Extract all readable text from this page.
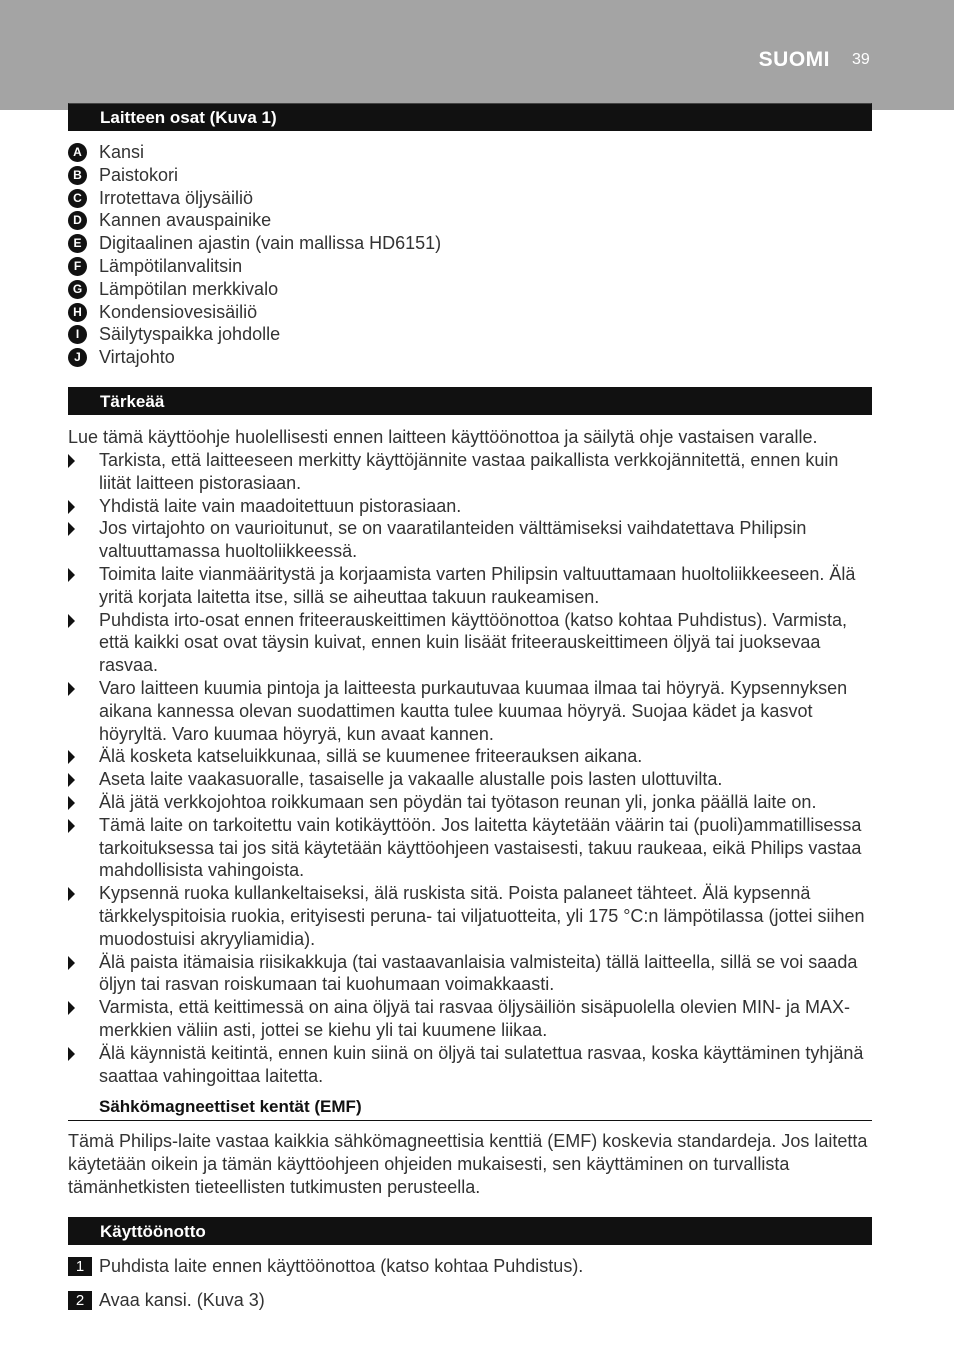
SUOMI 39
Laitteen osat (Kuva 1)
A Kansi
B Paistokori
C Irrotettava öljysäiliö
D Kannen avauspainike
E Digitaalinen ajastin (vain mallissa HD6151)
F Lämpötilanvalitsin
G Lämpötilan merkkivalo
H Kondensiovesisäiliö
I	Säilytyspaikka johdolle
J	Virtajohto
Tärkeää

Lue tämä käyttöohje huolellisesti ennen laitteen käyttöönottoa ja säilytä ohje vastaisen varalle.

Tarkista, että laitteeseen merkitty käyttöjännite vastaa paikallista verkkojännitettä, ennen kuin liität laitteen pistorasiaan.
Yhdistä laite vain maadoitettuun pistorasiaan.
Jos virtajohto on vaurioitunut, se on vaaratilanteiden välttämiseksi vaihdatettava Philipsin valtuuttamassa huoltoliikkeessä.
Toimita laite vianmääritystä ja korjaamista varten Philipsin valtuuttamaan huoltoliikkeeseen. Älä yritä korjata laitetta itse, sillä se aiheuttaa takuun raukeamisen.
Puhdista irto-osat ennen friteerauskeittimen käyttöönottoa (katso kohtaa Puhdistus). Varmista, että kaikki osat ovat täysin kuivat, ennen kuin lisäät friteerauskeittimeen öljyä tai juoksevaa rasvaa.
Varo laitteen kuumia pintoja ja laitteesta purkautuvaa kuumaa ilmaa tai höyryä. Kypsennyksen aikana kannessa olevan suodattimen kautta tulee kuumaa höyryä. Suojaa kädet ja kasvot höyryltä. Varo kuumaa höyryä, kun avaat kannen.
Älä kosketa katseluikkunaa, sillä se kuumenee friteerauksen aikana.
Aseta laite vaakasuoralle, tasaiselle ja vakaalle alustalle pois lasten ulottuvilta.
Älä jätä verkkojohtoa roikkumaan sen pöydän tai työtason reunan yli, jonka päällä laite on.
Tämä laite on tarkoitettu vain kotikäyttöön. Jos laitetta käytetään väärin tai (puoli)ammatillisessa tarkoituksessa tai jos sitä käytetään käyttöohjeen vastaisesti, takuu raukeaa, eikä Philips vastaa mahdollisista vahingoista.
Kypsennä ruoka kullankeltaiseksi, älä ruskista sitä. Poista palaneet tähteet. Älä kypsennä tärkkelyspitoisia ruokia, erityisesti peruna- tai viljatuotteita, yli 175 °C:n lämpötilassa (jottei siihen muodostuisi akryyliamidia).
Älä paista itämaisia riisikakkuja (tai vastaavanlaisia valmisteita) tällä laitteella, sillä se voi saada öljyn tai rasvan roiskumaan tai kuohumaan voimakkaasti.
Varmista, että keittimessä on aina öljyä tai rasvaa öljysäiliön sisäpuolella olevien MIN- ja MAX-merkkien väliin asti, jottei se kiehu yli tai kuumene liikaa.
Älä käynnistä keitintä, ennen kuin siinä on öljyä tai sulatettua rasvaa, koska käyttäminen tyhjänä saattaa vahingoittaa laitetta.
Sähkömagneettiset kentät (EMF)

Tämä Philips-laite vastaa kaikkia sähkömagneettisia kenttiä (EMF) koskevia standardeja. Jos laitetta käytetään oikein ja tämän käyttöohjeen ohjeiden mukaisesti, sen käyttäminen on turvallista tämänhetkisten tieteellisten tutkimusten perusteella.

Käyttöönotto
1 Puhdista laite ennen käyttöönottoa (katso kohtaa Puhdistus).
2 Avaa kansi. (Kuva 3)
